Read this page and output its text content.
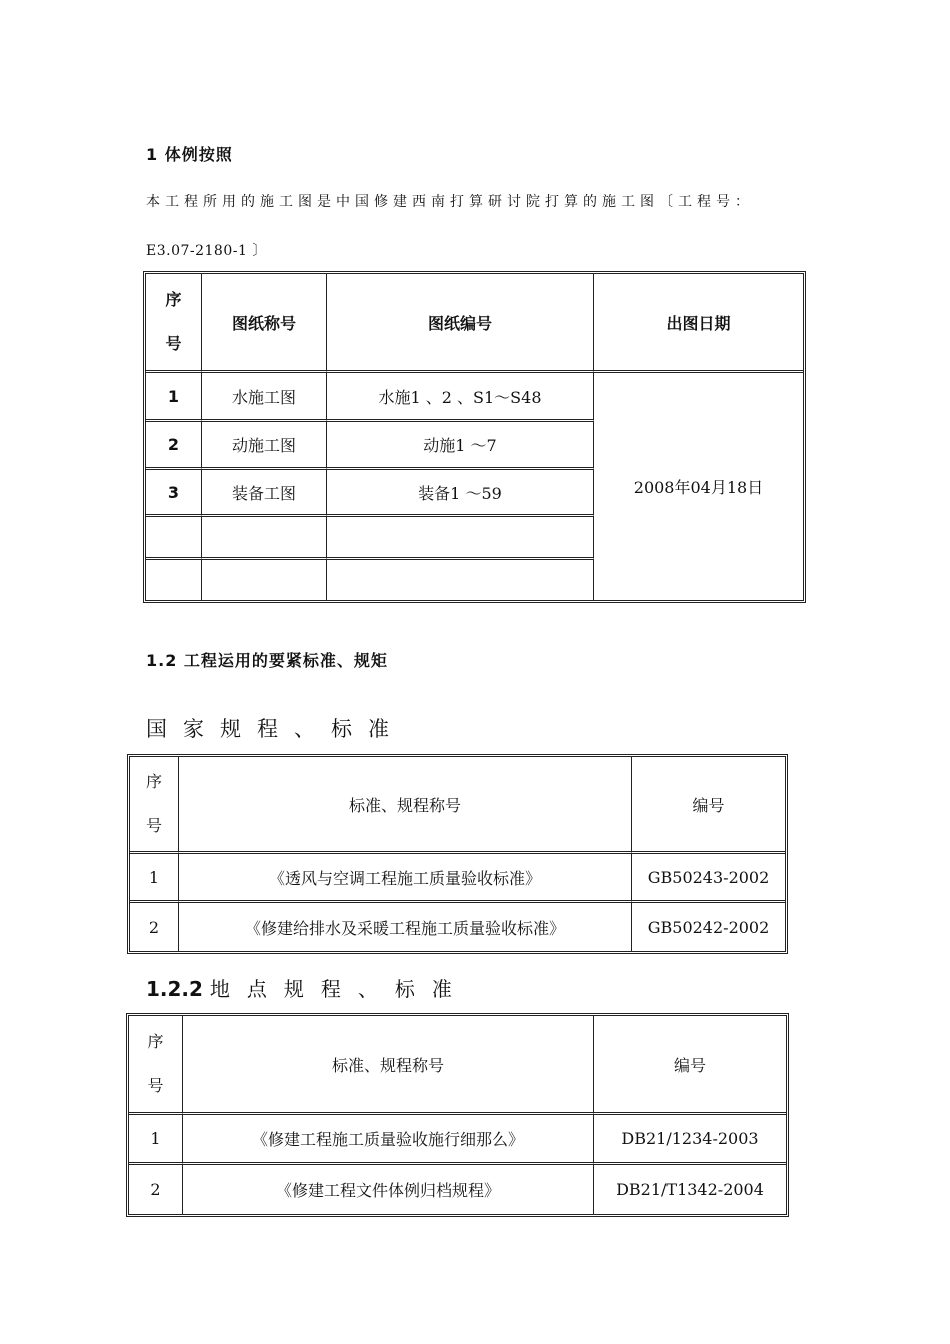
1 体例按照
本工程所用的施工图是中国修建西南打算研讨院打算的施工图〔工程号：
E3.07-2180-1 〕
序
号	图纸称号	图纸编号	出图日期
1	水施工图	水施1 、2 、S1～S48	2008年04月18日
2	动施工图	动施1 ～7	
3	装备工图	装备1 ～59	

1.2 工程运用的要紧标准、规矩
国家规程、标准
序
号	标准、规程称号	编号
1	《透风与空调工程施工质量验收标准》	GB50243-2002
2	《修建给排水及采暖工程施工质量验收标准》	GB50242-2002
1.2.2 地点规程、标准
序
号	标准、规程称号	编号
1	《修建工程施工质量验收施行细那么》	DB21/1234-2003
2	《修建工程文件体例归档规程》	DB21/T1342-2004
